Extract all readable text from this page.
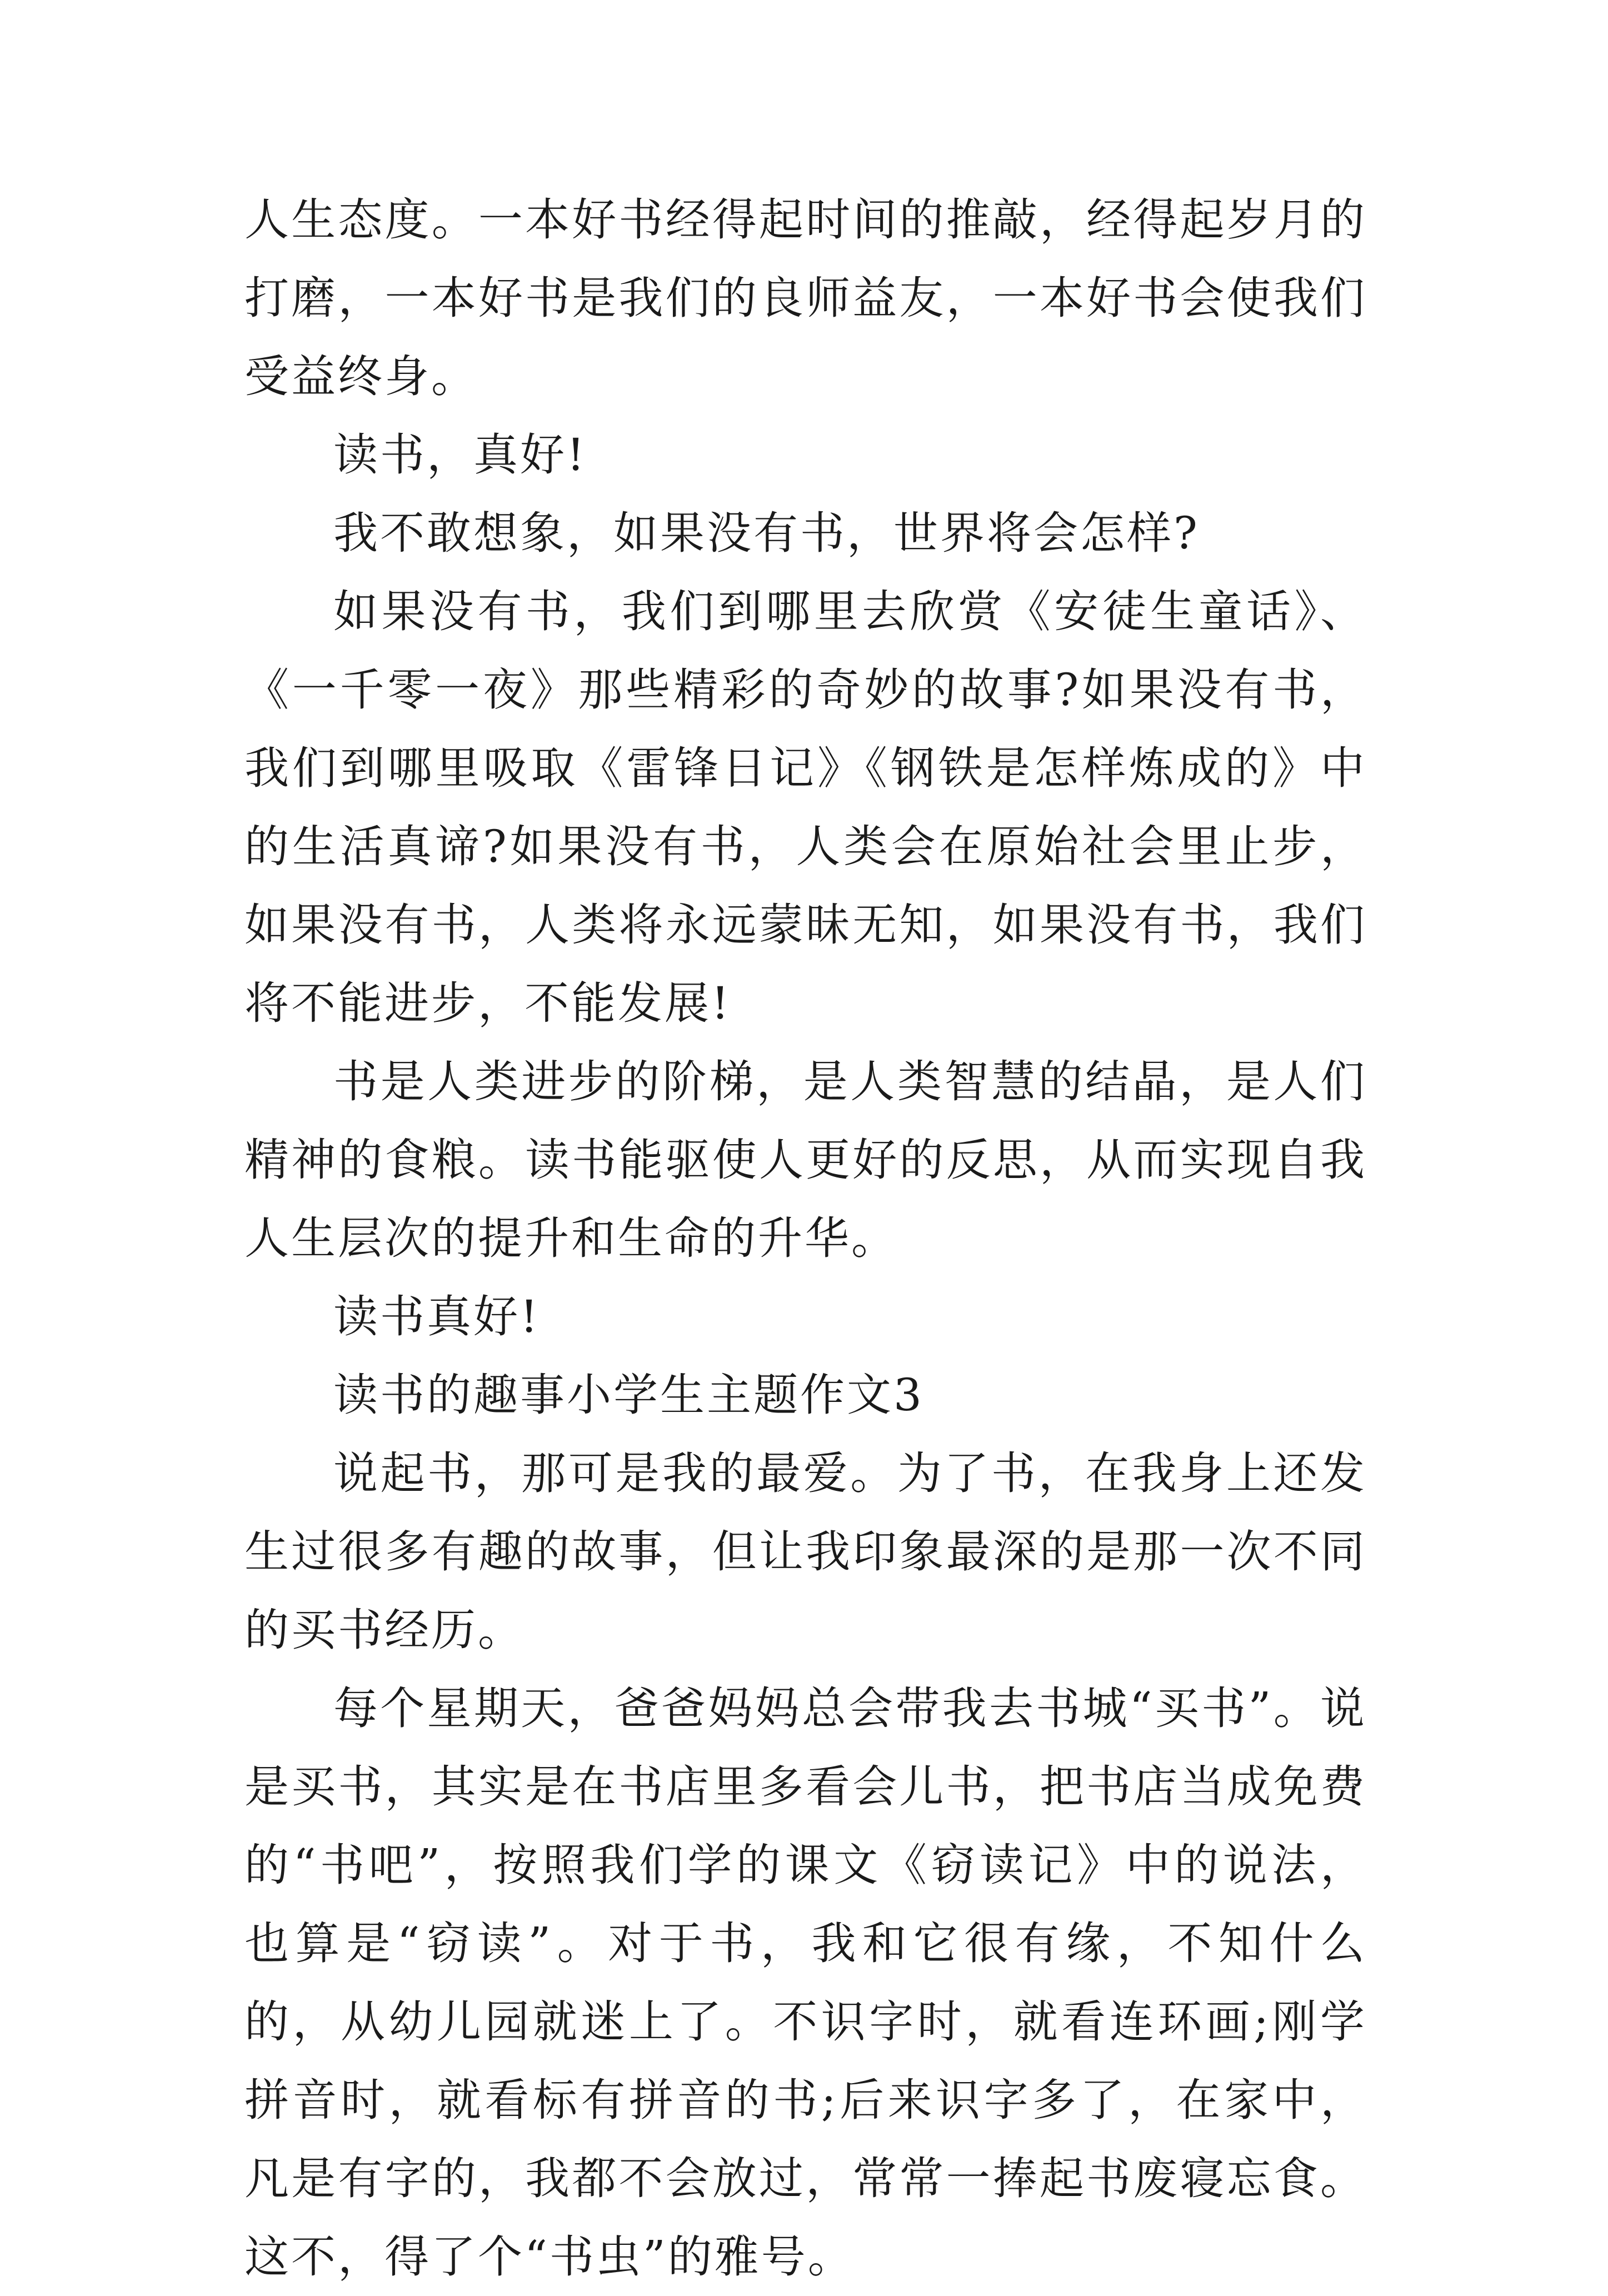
人生态度。一本好书经得起时间的推敲，经得起岁月的打磨，一本好书是我们的良师益友，一本好书会使我们受益终身。

读书，真好!

我不敢想象，如果没有书，世界将会怎样?

如果没有书，我们到哪里去欣赏《安徒生童话》、《一千零一夜》那些精彩的奇妙的故事?如果没有书，我们到哪里吸取《雷锋日记》《钢铁是怎样炼成的》中的生活真谛?如果没有书，人类会在原始社会里止步，如果没有书，人类将永远蒙昧无知，如果没有书，我们将不能进步，不能发展!

书是人类进步的阶梯，是人类智慧的结晶，是人们精神的食粮。读书能驱使人更好的反思，从而实现自我人生层次的提升和生命的升华。

读书真好!

读书的趣事小学生主题作文3

说起书，那可是我的最爱。为了书，在我身上还发生过很多有趣的故事，但让我印象最深的是那一次不同的买书经历。

每个星期天，爸爸妈妈总会带我去书城“买书”。说是买书，其实是在书店里多看会儿书，把书店当成免费的“书吧”，按照我们学的课文《窃读记》中的说法，也算是“窃读”。对于书，我和它很有缘，不知什么的，从幼儿园就迷上了。不识字时，就看连环画;刚学拼音时，就看标有拼音的书;后来识字多了，在家中，凡是有字的，我都不会放过，常常一捧起书废寝忘食。这不，得了个“书虫”的雅号。
